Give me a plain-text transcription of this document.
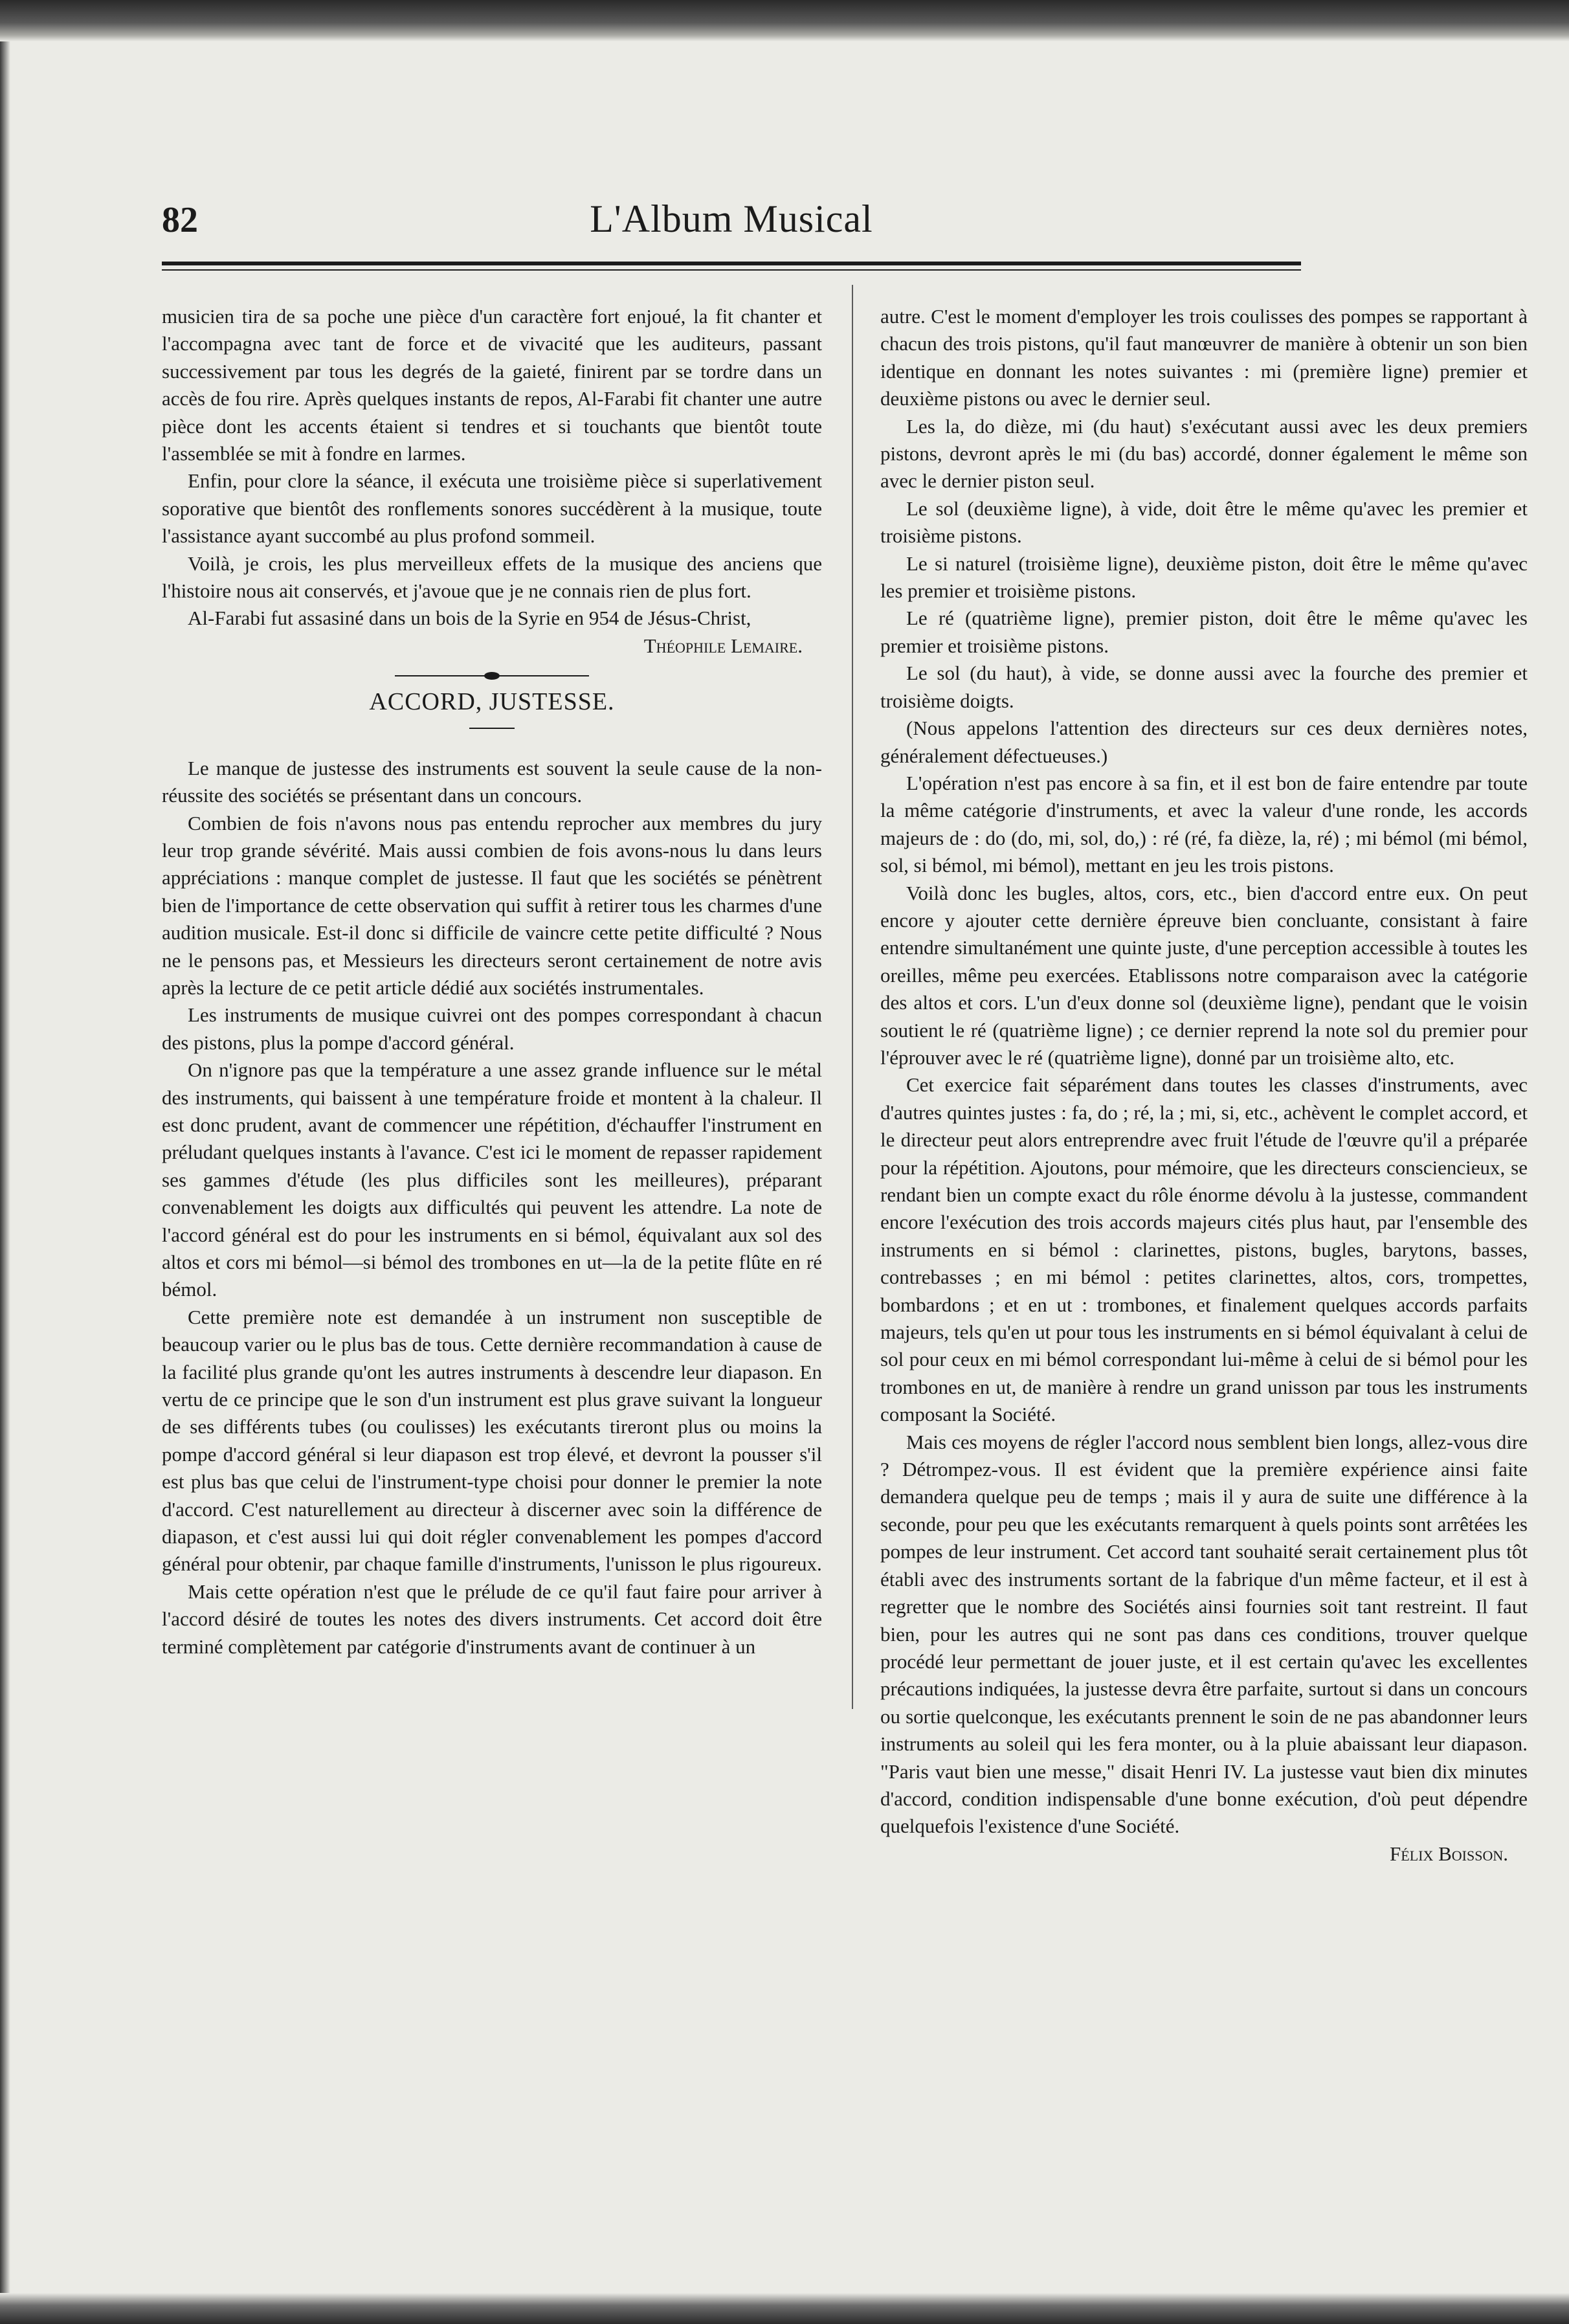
82	L'Album Musical

musicien tira de sa poche une pièce d'un caractère fort enjoué, la fit chanter et l'accompagna avec tant de force et de vivacité que les auditeurs, passant successivement par tous les degrés de la gaieté, finirent par se tordre dans un accès de fou rire. Après quelques instants de repos, Al-Farabi fit chanter une autre pièce dont les accents étaient si tendres et si touchants que bientôt toute l'assemblée se mit à fondre en larmes.

Enfin, pour clore la séance, il exécuta une troisième pièce si superlativement soporative que bientôt des ronflements sonores succédèrent à la musique, toute l'assistance ayant succombé au plus profond sommeil.

Voilà, je crois, les plus merveilleux effets de la musique des anciens que l'histoire nous ait conservés, et j'avoue que je ne connais rien de plus fort.

Al-Farabi fut assasiné dans un bois de la Syrie en 954 de Jésus-Christ,

Théophile Lemaire.

ACCORD, JUSTESSE.

Le manque de justesse des instruments est souvent la seule cause de la non-réussite des sociétés se présentant dans un concours.

Combien de fois n'avons nous pas entendu reprocher aux membres du jury leur trop grande sévérité. Mais aussi combien de fois avons-nous lu dans leurs appréciations : manque complet de justesse. Il faut que les sociétés se pénètrent bien de l'importance de cette observation qui suffit à retirer tous les charmes d'une audition musicale. Est-il donc si difficile de vaincre cette petite difficulté ? Nous ne le pensons pas, et Messieurs les directeurs seront certainement de notre avis après la lecture de ce petit article dédié aux sociétés instrumentales.

Les instruments de musique cuivrei ont des pompes correspondant à chacun des pistons, plus la pompe d'accord général.

On n'ignore pas que la température a une assez grande influence sur le métal des instruments, qui baissent à une température froide et montent à la chaleur. Il est donc prudent, avant de commencer une répétition, d'échauffer l'instrument en préludant quelques instants à l'avance. C'est ici le moment de repasser rapidement ses gammes d'étude (les plus difficiles sont les meilleures), préparant convenablement les doigts aux difficultés qui peuvent les attendre. La note de l'accord général est do pour les instruments en si bémol, équivalant aux sol des altos et cors mi bémol—si bémol des trombones en ut—la de la petite flûte en ré bémol.

Cette première note est demandée à un instrument non susceptible de beaucoup varier ou le plus bas de tous. Cette dernière recommandation à cause de la facilité plus grande qu'ont les autres instruments à descendre leur diapason. En vertu de ce principe que le son d'un instrument est plus grave suivant la longueur de ses différents tubes (ou coulisses) les exécutants tireront plus ou moins la pompe d'accord général si leur diapason est trop élevé, et devront la pousser s'il est plus bas que celui de l'instrument-type choisi pour donner le premier la note d'accord. C'est naturellement au directeur à discerner avec soin la différence de diapason, et c'est aussi lui qui doit régler convenablement les pompes d'accord général pour obtenir, par chaque famille d'instruments, l'unisson le plus rigoureux.

Mais cette opération n'est que le prélude de ce qu'il faut faire pour arriver à l'accord désiré de toutes les notes des divers instruments. Cet accord doit être terminé complètement par catégorie d'instruments avant de continuer à un

autre. C'est le moment d'employer les trois coulisses des pompes se rapportant à chacun des trois pistons, qu'il faut manœuvrer de manière à obtenir un son bien identique en donnant les notes suivantes : mi (première ligne) premier et deuxième pistons ou avec le dernier seul.

Les la, do dièze, mi (du haut) s'exécutant aussi avec les deux premiers pistons, devront après le mi (du bas) accordé, donner également le même son avec le dernier piston seul.

Le sol (deuxième ligne), à vide, doit être le même qu'avec les premier et troisième pistons.

Le si naturel (troisième ligne), deuxième piston, doit être le même qu'avec les premier et troisième pistons.

Le ré (quatrième ligne), premier piston, doit être le même qu'avec les premier et troisième pistons.

Le sol (du haut), à vide, se donne aussi avec la fourche des premier et troisième doigts.

(Nous appelons l'attention des directeurs sur ces deux dernières notes, généralement défectueuses.)

L'opération n'est pas encore à sa fin, et il est bon de faire entendre par toute la même catégorie d'instruments, et avec la valeur d'une ronde, les accords majeurs de : do (do, mi, sol, do,) : ré (ré, fa dièze, la, ré) ; mi bémol (mi bémol, sol, si bémol, mi bémol), mettant en jeu les trois pistons.

Voilà donc les bugles, altos, cors, etc., bien d'accord entre eux. On peut encore y ajouter cette dernière épreuve bien concluante, consistant à faire entendre simultanément une quinte juste, d'une perception accessible à toutes les oreilles, même peu exercées. Etablissons notre comparaison avec la catégorie des altos et cors. L'un d'eux donne sol (deuxième ligne), pendant que le voisin soutient le ré (quatrième ligne) ; ce dernier reprend la note sol du premier pour l'éprouver avec le ré (quatrième ligne), donné par un troisième alto, etc.

Cet exercice fait séparément dans toutes les classes d'instruments, avec d'autres quintes justes : fa, do ; ré, la ; mi, si, etc., achèvent le complet accord, et le directeur peut alors entreprendre avec fruit l'étude de l'œuvre qu'il a préparée pour la répétition. Ajoutons, pour mémoire, que les directeurs consciencieux, se rendant bien un compte exact du rôle énorme dévolu à la justesse, commandent encore l'exécution des trois accords majeurs cités plus haut, par l'ensemble des instruments en si bémol : clarinettes, pistons, bugles, barytons, basses, contrebasses ; en mi bémol : petites clarinettes, altos, cors, trompettes, bombardons ; et en ut : trombones, et finalement quelques accords parfaits majeurs, tels qu'en ut pour tous les instruments en si bémol équivalant à celui de sol pour ceux en mi bémol correspondant lui-même à celui de si bémol pour les trombones en ut, de manière à rendre un grand unisson par tous les instruments composant la Société.

Mais ces moyens de régler l'accord nous semblent bien longs, allez-vous dire ? Détrompez-vous. Il est évident que la première expérience ainsi faite demandera quelque peu de temps ; mais il y aura de suite une différence à la seconde, pour peu que les exécutants remarquent à quels points sont arrêtées les pompes de leur instrument. Cet accord tant souhaité serait certainement plus tôt établi avec des instruments sortant de la fabrique d'un même facteur, et il est à regretter que le nombre des Sociétés ainsi fournies soit tant restreint. Il faut bien, pour les autres qui ne sont pas dans ces conditions, trouver quelque procédé leur permettant de jouer juste, et il est certain qu'avec les excellentes précautions indiquées, la justesse devra être parfaite, surtout si dans un concours ou sortie quelconque, les exécutants prennent le soin de ne pas abandonner leurs instruments au soleil qui les fera monter, ou à la pluie abaissant leur diapason. "Paris vaut bien une messe," disait Henri IV. La justesse vaut bien dix minutes d'accord, condition indispensable d'une bonne exécution, d'où peut dépendre quelquefois l'existence d'une Société.

Félix Boisson.
